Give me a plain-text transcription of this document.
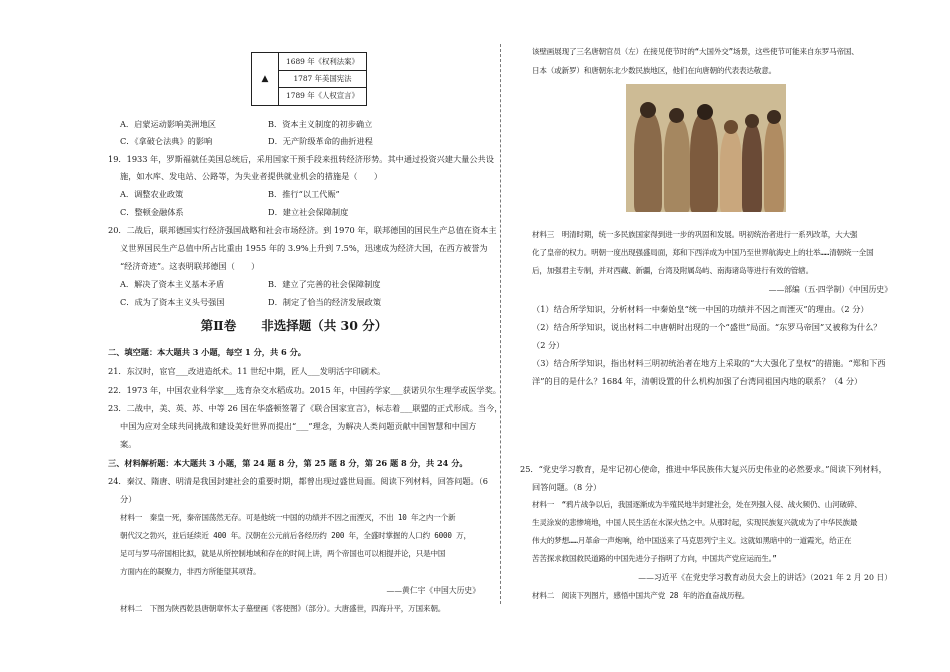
▲
1689 年《权利法案》
1787 年美国宪法
1789 年《人权宣言》
A．启蒙运动影响美洲地区	B．资本主义制度的初步确立
C．《拿破仑法典》的影响	D．无产阶级革命的曲折进程
19．1933 年，罗斯福就任美国总统后，采用国家干预手段来扭转经济形势。其中通过投资兴建大量公共设
施，如水库、发电站、公路等，为失业者提供就业机会的措施是（　　）
A．调整农业政策	B．推行“以工代赈”
C．整顿金融体系	D．建立社会保障制度
20．二战后，联邦德国实行经济强国战略和社会市场经济。到 1970 年，联邦德国的国民生产总值在资本主
义世界国民生产总值中所占比重由 1955 年的 3.9%上升到 7.5%，迅速成为经济大国，在西方被誉为
“经济奇迹”。这表明联邦德国（　　）
A．解决了资本主义基本矛盾	B．建立了完善的社会保障制度
C．成为了资本主义头号强国	D．制定了恰当的经济发展政策
第Ⅱ卷　　非选择题（共 30 分）
二、填空题：本大题共 3 小题，每空 1 分，共 6 分。
21．东汉时，宦官___改进造纸术。11 世纪中期，匠人___发明活字印刷术。
22．1973 年，中国农业科学家___选育杂交水稻成功。2015 年，中国药学家___获诺贝尔生理学或医学奖。
23．二战中，美、英、苏、中等 26 国在华盛顿签署了《联合国家宣言》，标志着___联盟的正式形成。当今，
中国为应对全球共同挑战和建设美好世界而提出“___”理念，为解决人类问题贡献中国智慧和中国方
案。
三、材料解析题：本大题共 3 小题，第 24 题 8 分，第 25 题 8 分，第 26 题 8 分，共 24 分。
24．秦汉、隋唐、明清是我国封建社会的重要时期，都曾出现过盛世局面。阅读下列材料，回答问题。（6
分）
材料一　秦皇一死，秦帝国荡然无存。可是他统一中国的功绩并不因之而湮灭，不出 10 年之内一个新
朝代汉之勃兴，並后延续近 400 年。汉朝在公元前后各经历约 200 年，全盛时掌握的人口约 6000 万，
足可与罗马帝国相比拟，就是从所控制地域和存在的时间上讲，两个帝国也可以相提并论，只是中国
方面内在的凝聚力，非西方所能望其项背。
——黄仁宇《中国大历史》
材料二　下图为陕西乾县唐朝章怀太子墓壁画《客使图》（部分）。大唐盛世，四海升平，万国来朝。
该壁画展现了三名唐朝官员（左）在接见使节时的“大国外交”场景，这些使节可能来自东罗马帝国、
日本（或新罗）和唐朝东北少数民族地区，他们在向唐朝的代表表达敬意。
材料三　明清时期，统一多民族国家得到进一步的巩固和发展。明初统治者进行一系列改革，大大强
化了皇帝的权力。明朝一度出现强盛局面，郑和下西洋成为中国乃至世界航海史上的壮举……清朝统一全国
后，加强君主专制，并对西藏、新疆，台湾及附属岛屿、南海诸岛等进行有效的管辖。
——部编（五·四学制）《中国历史》
（1）结合所学知识，分析材料一中秦始皇“统一中国的功绩并不因之而湮灭”的理由。（2 分）
（2）结合所学知识，说出材料二中唐朝时出现的一个“盛世”局面。“东罗马帝国”又被称为什么？
（2 分）
（3）结合所学知识，指出材料三明初统治者在地方上采取的“大大强化了皇权”的措施。“郑和下西
洋”的目的是什么？1684 年，清朝设置的什么机构加强了台湾同祖国内地的联系？（4 分）
25．“党史学习教育，是牢记初心使命，推进中华民族伟大复兴历史伟业的必然要求。”阅读下列材料，
回答问题。（8 分）
材料一　“鸦片战争以后，我国逐渐成为半殖民地半封建社会，处在列强入侵、战火频仍、山河破碎、
生灵涂炭的悲惨境地，中国人民生活在水深火热之中。从那时起，实现民族复兴就成为了中华民族最
伟大的梦想……月革命一声炮响，给中国送来了马克思列宁主义。这就如黑暗中的一道霞光，给正在
苦苦探求救国救民道路的中国先进分子指明了方向，中国共产党应运而生。”
——习近平《在党史学习教育动员大会上的讲话》（2021 年 2 月 20 日）
材料二　阅读下列图片，感悟中国共产党 28 年的浴血奋战历程。
